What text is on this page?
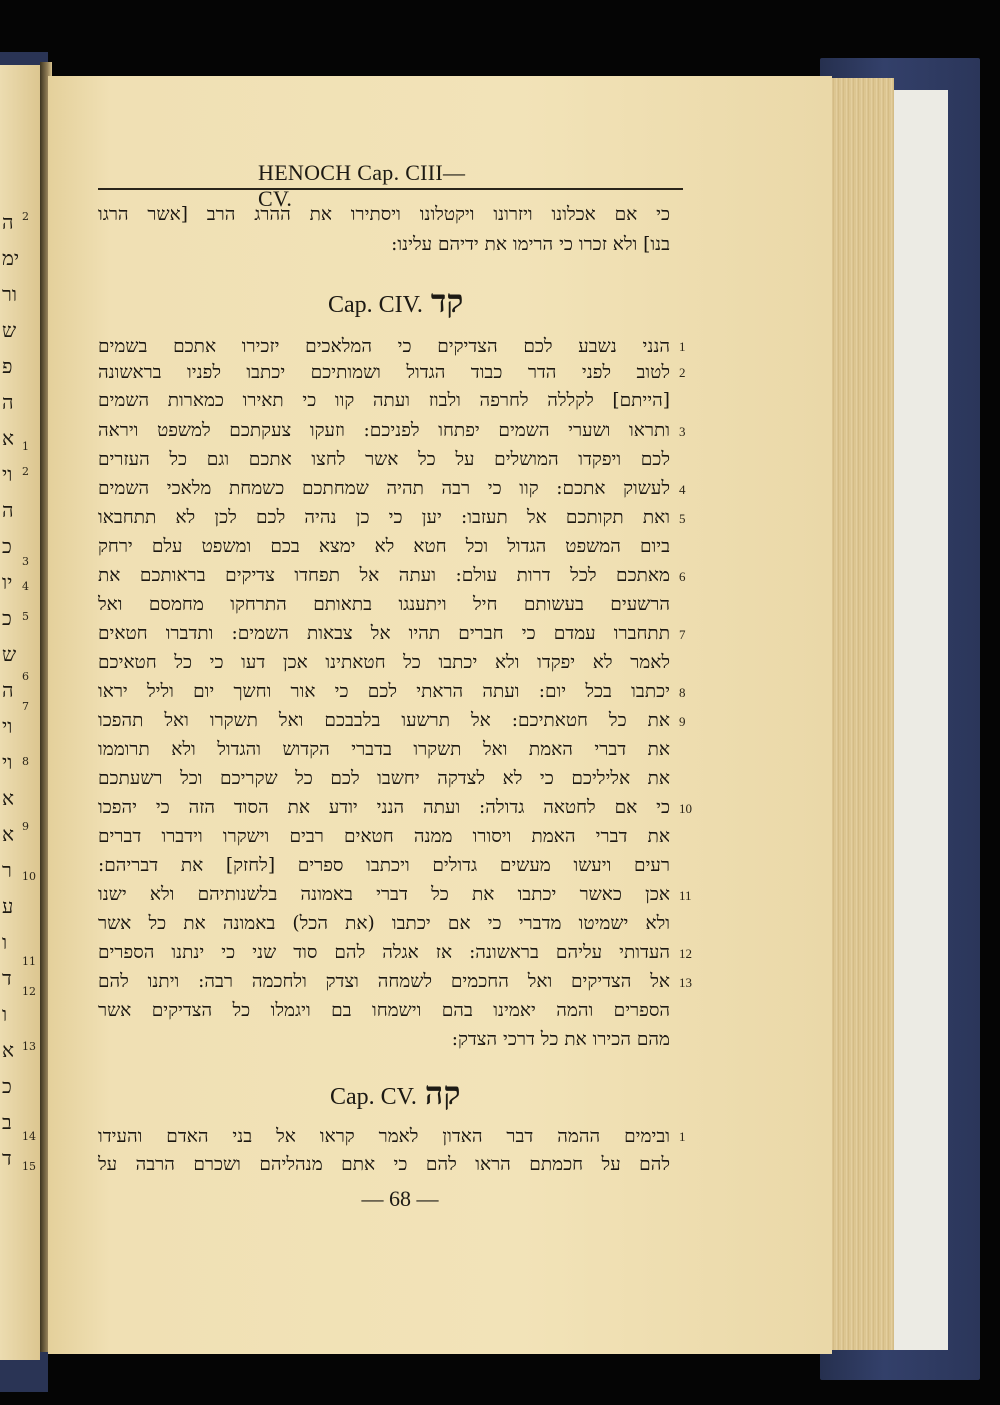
ה
ימ
ור
ש
פ
ה
א
וי
ה
כ
יו
כ
ש
ה
וי
וי
א
א
ר
ע
ו
ד
ו
א
כ
ב
ד
2
1
2
3
4
5
6
7
8
9
10
11
12
13
14
15
HENOCH Cap. CIII—CV.
Cap. CIV. קד
Cap. CV. קה
כי אם אכלונו ויזרונו ויקטלונו ויסתירו את ההרג הרב [אשר הרגו
בנו] ולא זכרו כי הרימו את ידיהם עלינו:
הנני נשבע לכם הצדיקים כי המלאכים יזכירו אתכם בשמים
לטוב לפני הדר כבוד הגדול ושמותיכם יכתבו לפניו בראשונה
[הייתם] לקללה לחרפה ולבוז ועתה קוו כי תאירו כמארות השמים
ותראו ושערי השמים יפתחו לפניכם: וזעקו צעקתכם למשפט ויראה
לכם ויפקדו המושלים על כל אשר לחצו אתכם וגם כל העזרים
לעשוק אתכם: קוו כי רבה תהיה שמחתכם כשמחת מלאכי השמים
ואת תקותכם אל תעזבו: יען כי כן נהיה לכם לכן לא תתחבאו
ביום המשפט הגדול וכל חטא לא ימצא בכם ומשפט עלם ירחק
מאתכם לכל דרות עולם: ועתה אל תפחדו צדיקים בראותכם את
הרשעים בעשותם חיל ויתענגו בתאותם התרחקו מחמסם ואל
תתחברו עמדם כי חברים תהיו אל צבאות השמים: ותדברו חטאים
לאמר לא יפקדו ולא יכתבו כל חטאתינו אכן דעו כי כל חטאיכם
יכתבו בכל יום: ועתה הראתי לכם כי אור וחשך יום וליל יראו
את כל חטאתיכם: אל תרשעו בלבבכם ואל תשקרו ואל תהפכו
את דברי האמת ואל תשקרו בדברי הקדוש והגדול ולא תרוממו
את אליליכם כי לא לצדקה יחשבו לכם כל שקריכם וכל רשעתכם
כי אם לחטאה גדולה: ועתה הנני יודע את הסוד הזה כי יהפכו
את דברי האמת ויסורו ממנה חטאים רבים וישקרו וידברו דברים
רעים ויעשו מעשים גדולים ויכתבו ספרים [לחזק] את דבריהם:
אכן כאשר יכתבו את כל דברי באמונה בלשנותיהם ולא ישנו
ולא ישמיטו מדברי כי אם יכתבו (את הכל) באמונה את כל אשר
העדותי עליהם בראשונה: אז אגלה להם סוד שני כי ינתנו הספרים
אל הצדיקים ואל החכמים לשמחה וצדק ולחכמה רבה: ויתנו להם
הספרים והמה יאמינו בהם וישמחו בם ויגמלו כל הצדיקים אשר
מהם הכירו את כל דרכי הצדק:
ובימים ההמה דבר האדון לאמר קראו אל בני האדם והעידו
להם על חכמתם הראו להם כי אתם מנהליהם ושכרם הרבה על
1
2
3
4
5
6
7
8
9
10
11
12
13
1
— 68 —
